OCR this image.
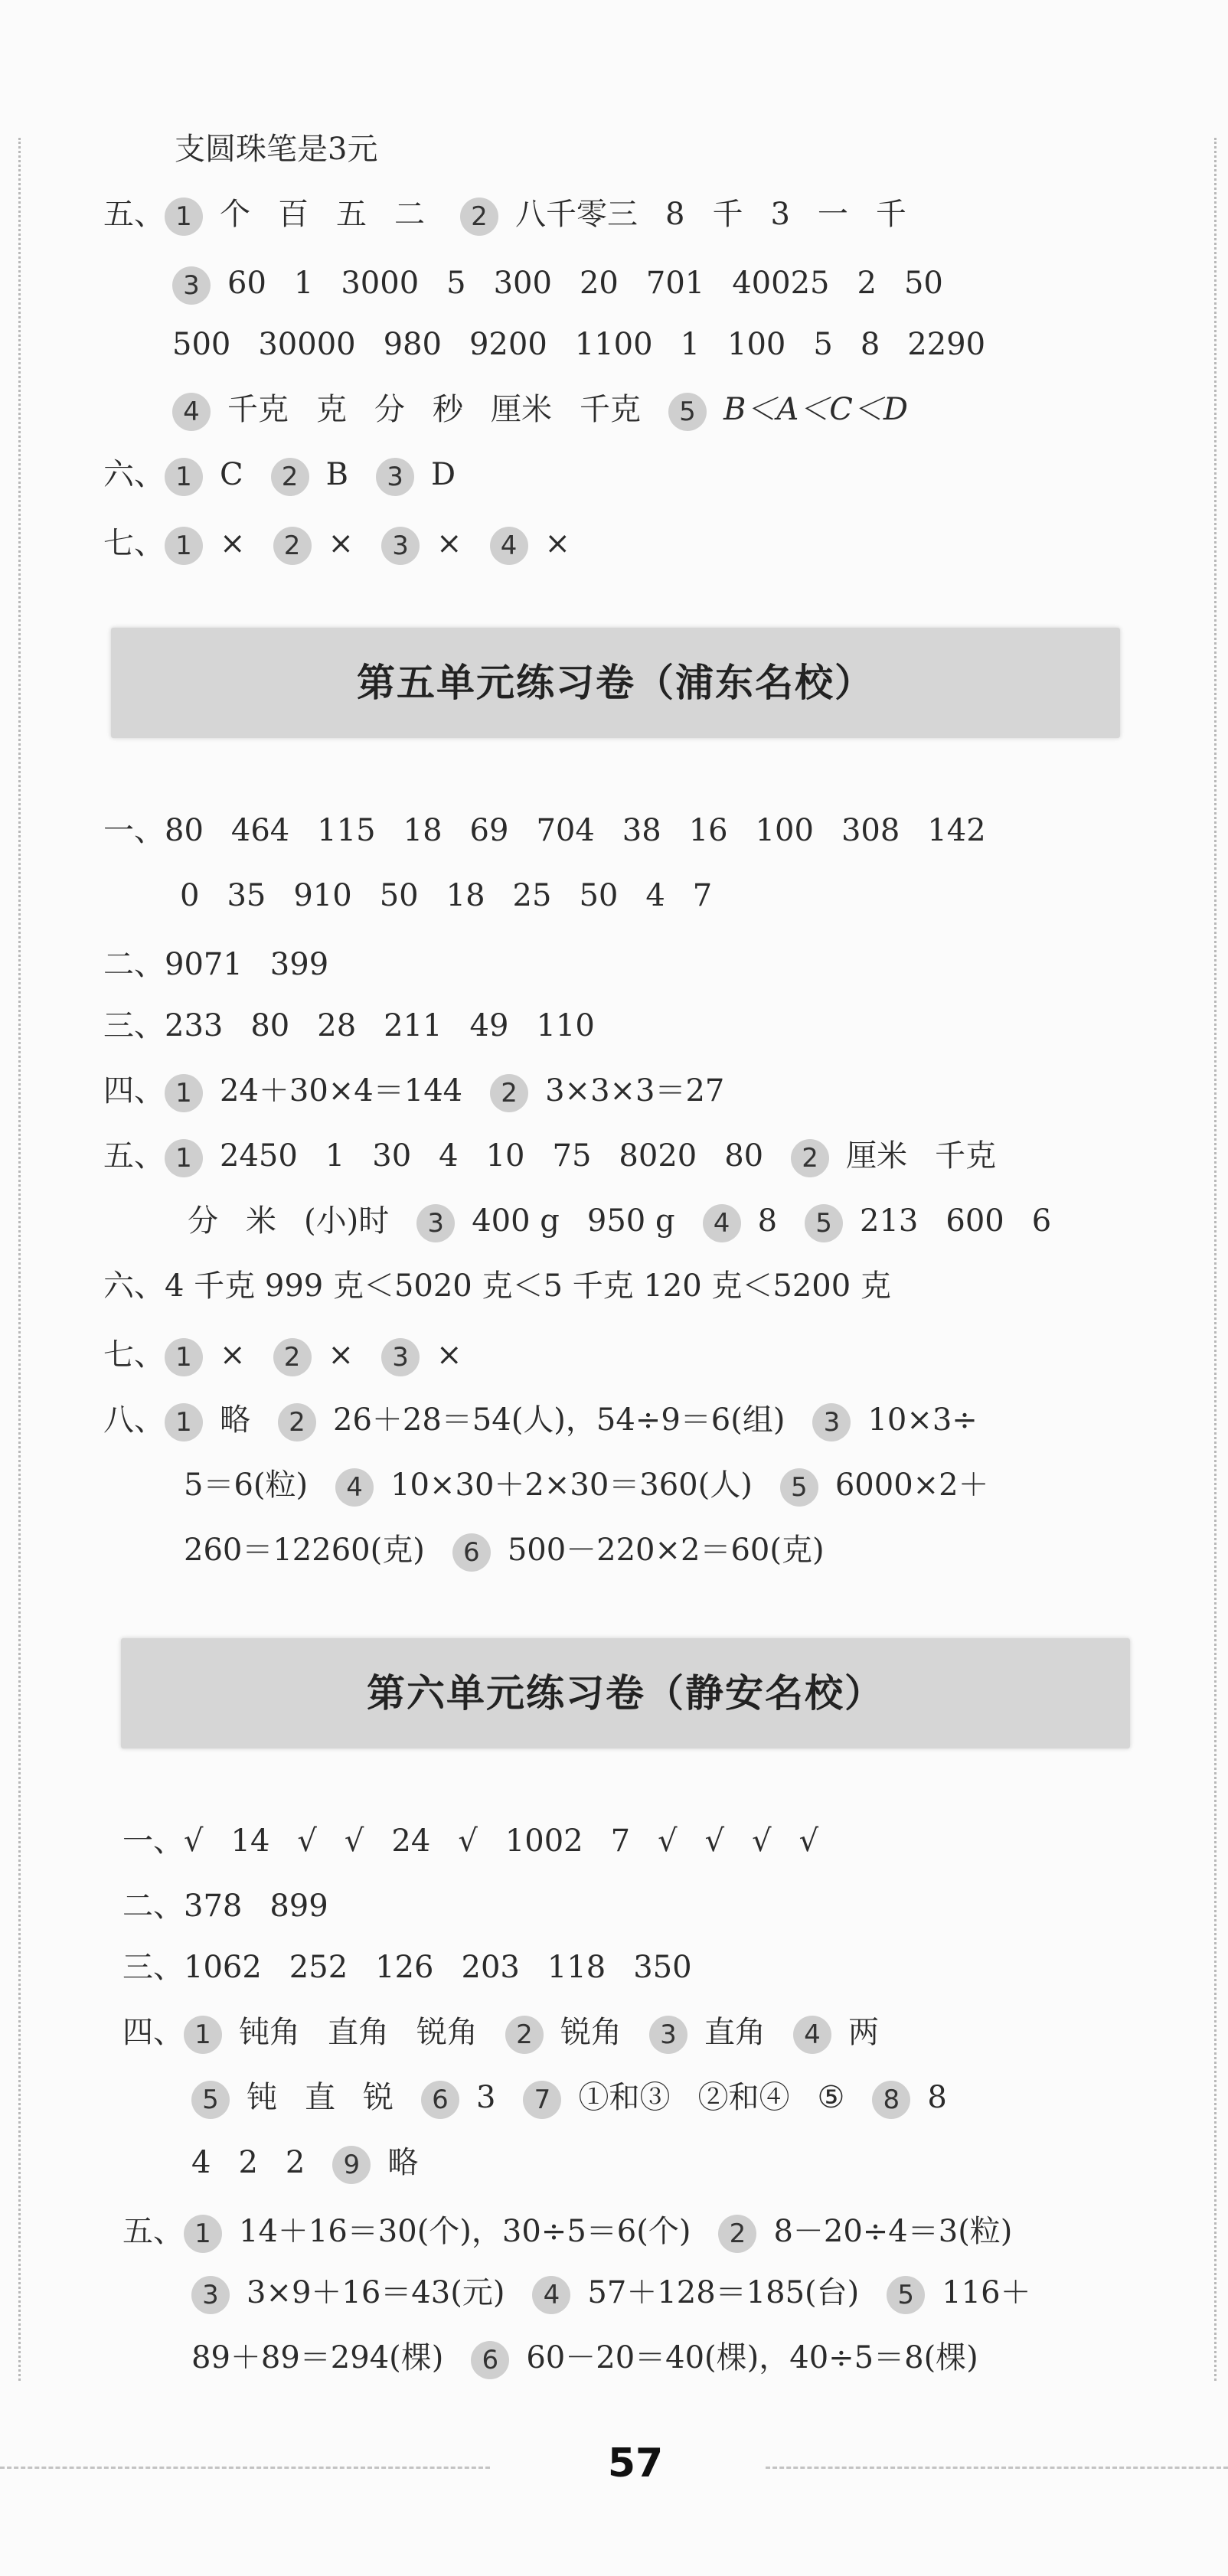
支圆珠笔是3元
五、 1 个 百 五 二 2 八千零三 8 千 3 一 千
3 60 1 3000 5 300 20 701 40025 2 50
500 30000 980 9200 1100 1 100 5 8 2290
4 千克 克 分 秒 厘米 千克 5 B＜A＜C＜D
六、 1 C 2 B 3 D
七、 1 × 2 × 3 × 4 ×
第五单元练习卷（浦东名校）
一、80 464 115 18 69 704 38 16 100 308 142
0 35 910 50 18 25 50 4 7
二、9071 399
三、233 80 28 211 49 110
四、 1 24＋30×4＝144 2 3×3×3＝27
五、 1 2450 1 30 4 10 75 8020 80 2 厘米 千克
分 米 (小)时 3 400 g 950 g 4 8 5 213 600 6
六、4 千克 999 克＜5020 克＜5 千克 120 克＜5200 克
七、 1 × 2 × 3 ×
八、 1 略 2 26＋28＝54(人)，54÷9＝6(组) 3 10×3÷
5＝6(粒) 4 10×30＋2×30＝360(人) 5 6000×2＋
260＝12260(克) 6 500－220×2＝60(克)
第六单元练习卷（静安名校）
一、√ 14 √ √ 24 √ 1002 7 √ √ √ √
二、378 899
三、1062 252 126 203 118 350
四、 1 钝角 直角 锐角 2 锐角 3 直角 4 两
5 钝 直 锐 6 3 7 ①和③ ②和④ ⑤ 8 8
4 2 2 9 略
五、 1 14＋16＝30(个)，30÷5＝6(个) 2 8－20÷4＝3(粒)
3 3×9＋16＝43(元) 4 57＋128＝185(台) 5 116＋
89＋89＝294(棵) 6 60－20＝40(棵)，40÷5＝8(棵)
57
